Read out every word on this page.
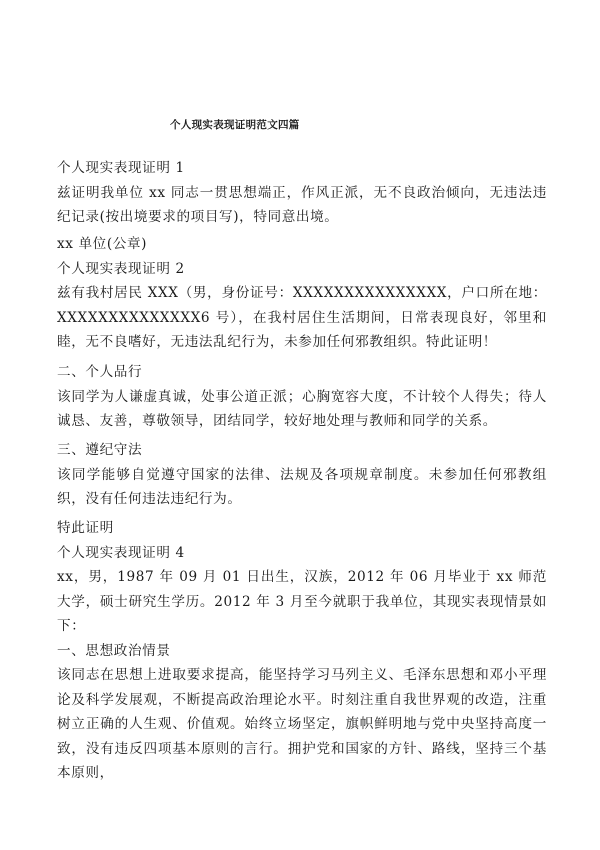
个人现实表现证明范文四篇
个人现实表现证明 1
兹证明我单位 xx 同志一贯思想端正，作风正派，无不良政治倾向，无违法违纪记录(按出境要求的项目写)，特同意出境。
xx 单位(公章)
个人现实表现证明 2
兹有我村居民 XXX（男，身份证号：XXXXXXXXXXXXXXX，户口所在地：XXXXXXXXXXXXXX6 号），在我村居住生活期间，日常表现良好，邻里和睦，无不良嗜好，无违法乱纪行为，未参加任何邪教组织。特此证明！
二、个人品行
该同学为人谦虚真诚，处事公道正派；心胸宽容大度，不计较个人得失；待人诚恳、友善，尊敬领导，团结同学，较好地处理与教师和同学的关系。
三、遵纪守法
该同学能够自觉遵守国家的法律、法规及各项规章制度。未参加任何邪教组织，没有任何违法违纪行为。
特此证明
个人现实表现证明 4
xx，男，1987 年 09 月 01 日出生，汉族，2012 年 06 月毕业于 xx 师范大学，硕士研究生学历。2012 年 3 月至今就职于我单位，其现实表现情景如下：
一、思想政治情景
该同志在思想上进取要求提高，能坚持学习马列主义、毛泽东思想和邓小平理论及科学发展观，不断提高政治理论水平。时刻注重自我世界观的改造，注重树立正确的人生观、价值观。始终立场坚定，旗帜鲜明地与党中央坚持高度一致，没有违反四项基本原则的言行。拥护党和国家的方针、路线，坚持三个基本原则，
